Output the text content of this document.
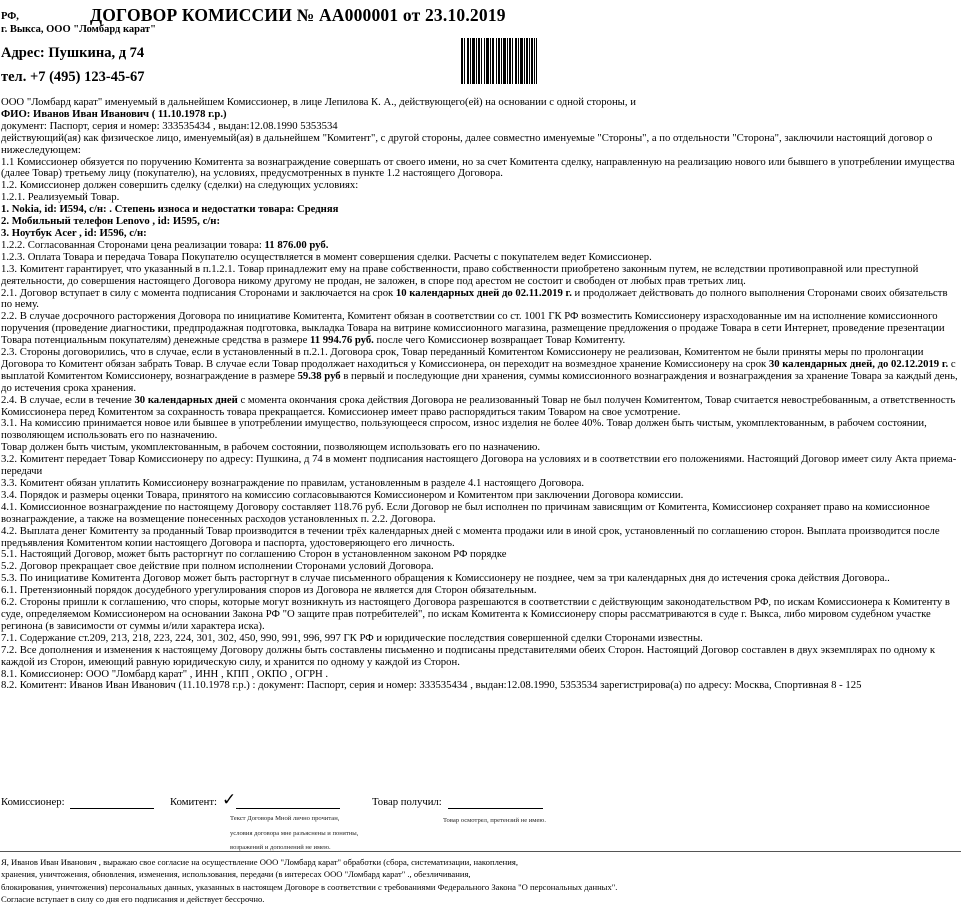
РФ,
г. Выкса, ООО "Ломбард карат"
ДОГОВОР КОМИССИИ № АА000001 от 23.10.2019
Адрес: Пушкина, д 74
тел. +7 (495) 123-45-67

ООО "Ломбард карат" именуемый в дальнейшем Комиссионер, в лице Лепилова К. А., действующего(ей) на основании с одной стороны, и

ФИО: Иванов Иван Иванович ( 11.10.1978 г.р.)

документ: Паспорт, серия и номер: 333535434 , выдан:12.08.1990 5353534

действующий(ая) как физическое лицо, именуемый(ая) в дальнейшем "Комитент", с другой стороны, далее совместно именуемые "Стороны", а по отдельности "Сторона", заключили настоящий договор о нижеследующем:

1.1 Комиссионер обязуется по поручению Комитента за вознаграждение совершать от своего имени, но за счет Комитента сделку, направленную на реализацию нового или бывшего в употреблении имущества (далее Товар) третьему лицу (покупателю), на условиях, предусмотренных в пункте 1.2 настоящего Договора.

1.2. Комиссионер должен совершить сделку (сделки) на следующих условиях:

1.2.1. Реализуемый Товар.

1. Nokia, id: И594, с/н: . Степень износа и недостатки товара: Средняя

2. Мобильный телефон Lenovo , id: И595, с/н:

3. Ноутбук Acer , id: И596, с/н:

1.2.2. Согласованная Сторонами цена реализации товара: 11 876.00 руб.

1.2.3. Оплата Товара и передача Товара Покупателю осуществляется в момент совершения сделки. Расчеты с покупателем ведет Комиссионер.

1.3. Комитент гарантирует, что указанный в п.1.2.1. Товар принадлежит ему на праве собственности, право собственности приобретено законным путем, не вследствии противоправной или преступной деятельности, до совершения настоящего Договора никому другому не продан, не заложен, в споре под арестом не состоит и свободен от любых прав третьих лиц.

2.1. Договор вступает в силу с момента подписания Сторонами и заключается на срок 10 календарных дней до 02.11.2019 г. и продолжает действовать до полного выполнения Сторонами своих обязательств по нему.

2.2. В случае досрочного расторжения Договора по инициативе Комитента, Комитент обязан в соответствии со ст. 1001 ГК РФ возместить Комиссионеру израсходованные им на исполнение комиссионного поручения (проведение диагностики, предпродажная подготовка, выкладка Товара на витрине комиссионного магазина, размещение предложения о продаже Товара в сети Интернет, проведение презентации Товара потенциальным покупателям) денежные средства в размере 11 994.76 руб. после чего Комиссионер возвращает Товар Комитенту.

2.3. Стороны договорились, что в случае, если в установленный в п.2.1. Договора срок, Товар переданный Комитентом Комиссионеру не реализован, Комитентом не были приняты меры по пролонгации Договора то Комитент обязан забрать Товар. В случае если Товар продолжает находиться у Комиссионера, он переходит на возмездное хранение Комиссионеру на срок 30 календарных дней, до 02.12.2019 г. с выплатой Комитентом Комиссионеру, вознаграждение в размере 59.38 руб в первый и последующие дни хранения, суммы комиссионного вознаграждения и вознаграждения за хранение Товара за каждый день, до истечения срока хранения.

2.4. В случае, если в течение 30 календарных дней с момента окончания срока действия Договора не реализованный Товар не был получен Комитентом, Товар считается невостребованным, а ответственность Комиссионера перед Комитентом за сохранность товара прекращается. Комиссионер имеет право распорядиться таким Товаром на свое усмотрение.

3.1. На комиссию принимается новое или бывшее в употреблении имущество, пользующееся спросом, износ изделия не более 40%. Товар должен быть чистым, укомплектованным, в рабочем состоянии, позволяющем использовать его по назначению.

Товар должен быть чистым, укомплектованным, в рабочем состоянии, позволяющем использовать его по назначению.

3.2. Комитент передает Товар Комиссионеру по адресу: Пушкина, д 74 в момент подписания настоящего Договора на условиях и в соответствии его положениями. Настоящий Договор имеет силу Акта приема-передачи

3.3. Комитент обязан уплатить Комиссионеру вознаграждение по правилам, установленным в разделе 4.1 настоящего Договора.

3.4. Порядок и размеры оценки Товара, принятого на комиссию согласовываются Комиссионером и Комитентом при заключении Договора комиссии.

4.1. Комиссионное вознаграждение по настоящему Договору составляет 118.76 руб. Если Договор не был исполнен по причинам зависящим от Комитента, Комиссионер сохраняет право на комиссионное вознаграждение, а также на возмещение понесенных расходов установленных п. 2.2. Договора.

4.2. Выплата денег Комитенту за проданный Товар производится в течении трёх календарных дней с момента продажи или в иной срок, установленный по соглашению сторон. Выплата производится после предъявления Комитентом копии настоящего Договора и паспорта, удостоверяющего его личность.

5.1. Настоящий Договор, может быть расторгнут по соглашению Сторон в установленном законом РФ порядке

5.2. Договор прекращает свое действие при полном исполнении Сторонами условий Договора.

5.3. По инициативе Комитента Договор может быть расторгнут в случае письменного обращения к Комиссионеру не позднее, чем за три календарных дня до истечения срока действия Договора..

6.1. Претензионный порядок досудебного урегулирования споров из Договора не является для Сторон обязательным.

6.2. Стороны пришли к соглашению, что споры, которые могут возникнуть из настоящего Договора разрешаются в соответствии с действующим законодательством РФ, по искам Комиссионера к Комитенту в суде, определяемом Комиссионером на основании Закона РФ "О защите прав потребителей", по искам Комитента к Комиссионеру споры рассматриваются в суде г. Выкса, либо мировом судебном участке регинона (в зависимости от суммы и/или характера иска).

7.1. Содержание ст.209, 213, 218, 223, 224, 301, 302, 450, 990, 991, 996, 997 ГК РФ и юридические последствия совершенной сделки Сторонами известны.

7.2. Все дополнения и изменения к настоящему Договору должны быть составлены письменно и подписаны представителями обеих Сторон. Настоящий Договор составлен в двух экземплярах по одному к каждой из Сторон, имеющий равную юридическую силу, и хранится по одному у каждой из Сторон.

8.1. Комиссионер: ООО "Ломбард карат" , ИНН , КПП , ОКПО , ОГРН .

8.2. Комитент: Иванов Иван Иванович (11.10.1978 г.р.) : документ: Паспорт, серия и номер: 333535434 , выдан:12.08.1990, 5353534 зарегистрирова(а) по адресу: Москва, Спортивная 8 - 125

Комиссионер:	Комитент: ✓	Товар получил:
Текст Договора Мной лично прочитан,
условия договора мне разъяснены и понятны,
возражений и дополнений не имею.
Товар осмотрел, претензий не имею.

Я, Иванов Иван Иванович , выражаю свое согласие на осуществление ООО "Ломбард карат" обработки (сбора, систематизации, накопления,

хранения, уничтожения, обновления, изменения, использования, передачи (в интересах ООО "Ломбард карат" ., обезличивания,

блокирования, уничтожения) персональных данных, указанных в настоящем Договоре в соответствии с требованиями Федерального Закона "О персональных данных".

Согласие вступает в силу со дня его подписания и действует бессрочно.
